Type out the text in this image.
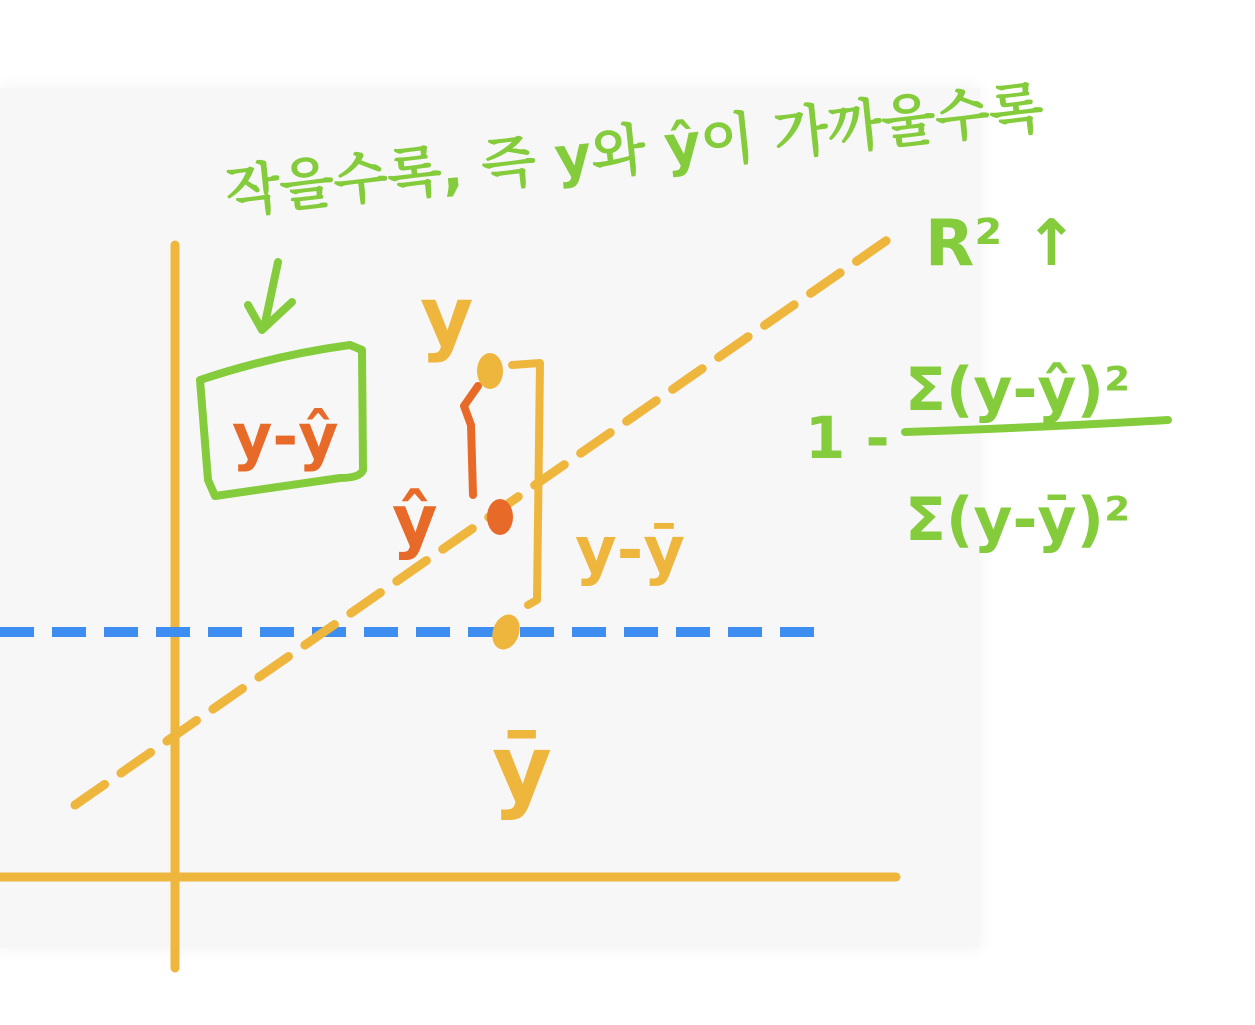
작을수록, 즉 y와 ŷ이 가까울수록
R² ↑
y-ŷ
y
ŷ y-ȳ
ȳ
1 -
Σ(y-ŷ)²
Σ(y-ȳ)²
